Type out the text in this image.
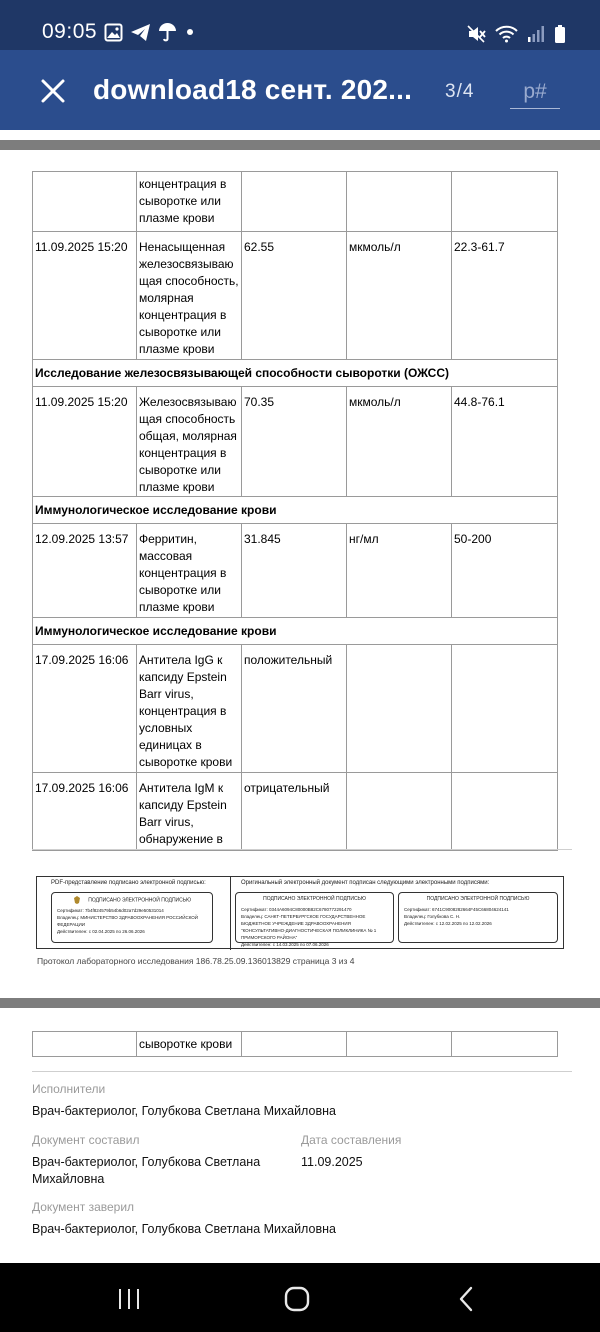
09:05
download18 сент. 202...	3/4
p#
	концентрация в сыворотке или плазме крови			
11.09.2025 15:20	Ненасыщенная железосвязываю щая способность, молярная концентрация в сыворотке или плазме крови	62.55	мкмоль/л	22.3-61.7
Исследование железосвязывающей способности сыворотки (ОЖСС)				
11.09.2025 15:20	Железосвязываю щая способность общая, молярная концентрация в сыворотке или плазме крови	70.35	мкмоль/л	44.8-76.1
Иммунологическое исследование крови				
12.09.2025 13:57	Ферритин, массовая концентрация в сыворотке или плазме крови	31.845	нг/мл	50-200
Иммунологическое исследование крови				
17.09.2025 16:06	Антитела IgG к капсиду Epstein Barr virus, концентрация в условных единицах в сыворотке крови	положительный		
17.09.2025 16:06	Антитела IgM к капсиду Epstein Barr virus, обнаружение в	отрицательный		
PDF-представление подписано электронной подписью:	Оригинальный электронный документ подписан следующими электронными подписями:
ПОДПИСАНО ЭЛЕКТРОННОЙ ПОДПИСЬЮ
Сертификат: 7b4f824579b54b6d02a7d29e50531014
Владелец: МИНИСТЕРСТВО ЗДРАВООХРАНЕНИЯ РОССИЙСКОЙ ФЕДЕРАЦИИ
Действителен: с 02.04.2025 по 26.06.2026
ПОДПИСАНО ЭЛЕКТРОННОЙ ПОДПИСЬЮ
Сертификат: 0344A6094C80000B82C6780772291470
Владелец: САНКТ-ПЕТЕРБУРГСКОЕ ГОСУДАРСТВЕННОЕ БЮДЖЕТНОЕ УЧРЕЖДЕНИЕ ЗДРАВООХРАНЕНИЯ "КОНСУЛЬТАТИВНО-ДИАГНОСТИЧЕСКАЯ ПОЛИКЛИНИКА № 1 ПРИМОРСКОГО РАЙОНА"
Действителен: с 14.03.2025 по 07.06.2026
ПОДПИСАНО ЭЛЕКТРОННОЙ ПОДПИСЬЮ
Сертификат: 6741C9008282664F45C66804624141
Владелец: Голубкова С. Н.
Действителен: с 12.02.2025 по 12.02.2026
Протокол лабораторного исследования 186.78.25.09.136013829 страница 3 из 4
	сыворотке крови			
Исполнители
Врач-бактериолог, Голубкова Светлана Михайловна
Документ составил
Врач-бактериолог, Голубкова Светлана Михайловна
Дата составления
11.09.2025
Документ заверил
Врач-бактериолог, Голубкова Светлана Михайловна
